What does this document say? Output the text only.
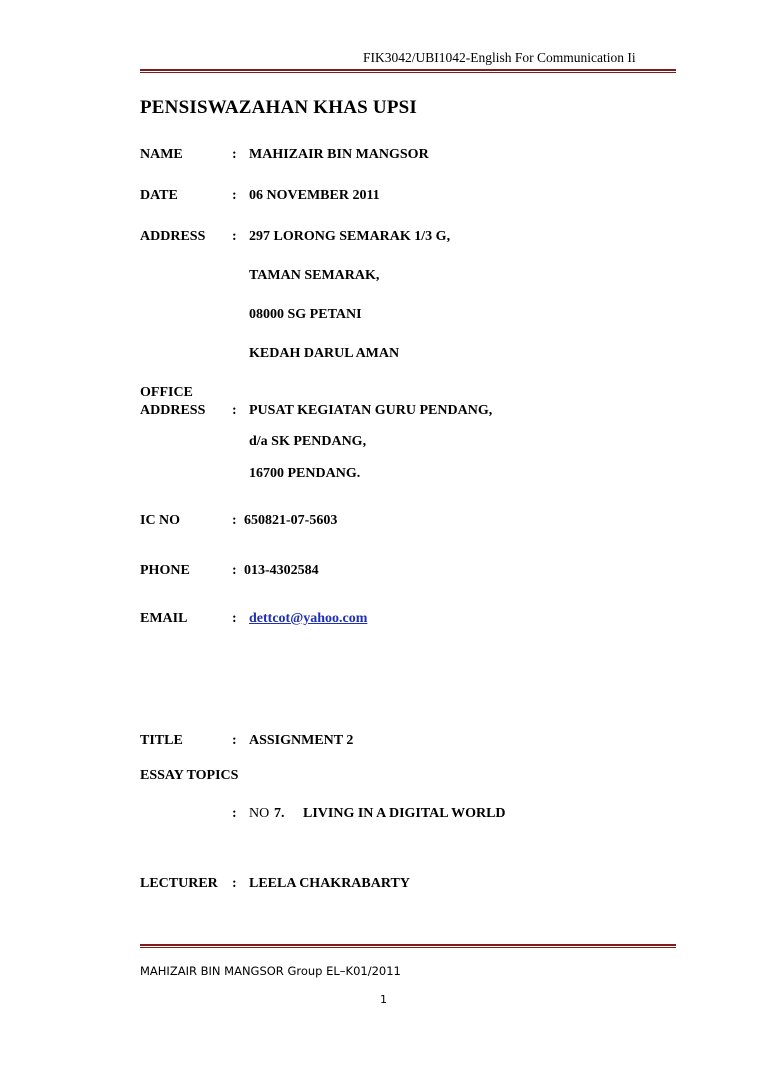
FIK3042/UBI1042-English For Communication Ii
PENSISWAZAHAN KHAS UPSI
NAME	: MAHIZAIR BIN MANGSOR
DATE	: 06 NOVEMBER 2011
ADDRESS : 297 LORONG SEMARAK 1/3 G,
TAMAN SEMARAK,
08000 SG PETANI
KEDAH DARUL AMAN
OFFICE
ADDRESS : PUSAT KEGIATAN GURU PENDANG,
d/a SK PENDANG,
16700 PENDANG.
IC NO	: 650821-07-5603
PHONE	: 013-4302584
EMAIL	: dettcot@yahoo.com
TITLE	: ASSIGNMENT 2
ESSAY TOPICS
: NO 7. LIVING IN A DIGITAL WORLD
LECTURER : LEELA CHAKRABARTY
MAHIZAIR BIN MANGSOR Group EL–K01/2011
1
